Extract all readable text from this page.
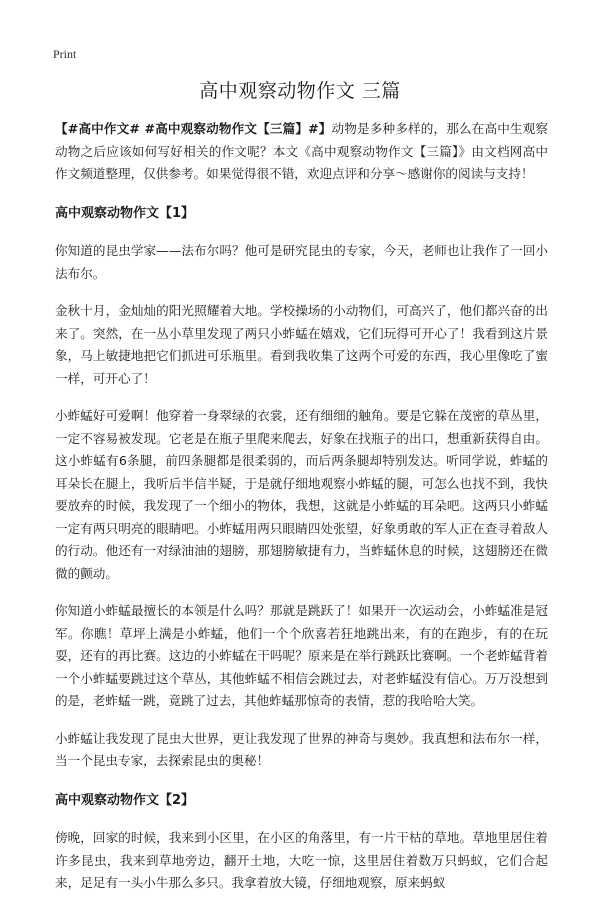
Print
高中观察动物作文 三篇

【#高中作文# #高中观察动物作文【三篇】#】动物是多种多样的，那么在高中生观察动物之后应该如何写好相关的作文呢？本文《高中观察动物作文【三篇】》由文档网高中作文频道整理，仅供参考。如果觉得很不错，欢迎点评和分享～感谢你的阅读与支持！

高中观察动物作文【1】

你知道的昆虫学家——法布尔吗？他可是研究昆虫的专家，今天，老师也让我作了一回小法布尔。

金秋十月，金灿灿的阳光照耀着大地。学校操场的小动物们，可高兴了，他们都兴奋的出来了。突然，在一丛小草里发现了两只小蚱蜢在嬉戏，它们玩得可开心了！我看到这片景象，马上敏捷地把它们抓进可乐瓶里。看到我收集了这两个可爱的东西，我心里像吃了蜜一样，可开心了！

小蚱蜢好可爱啊！他穿着一身翠绿的衣裳，还有细细的触角。要是它躲在茂密的草丛里，一定不容易被发现。它老是在瓶子里爬来爬去，好象在找瓶子的出口，想重新获得自由。这小蚱蜢有6条腿，前四条腿都是很柔弱的，而后两条腿却特别发达。听同学说，蚱蜢的耳朵长在腿上，我听后半信半疑，于是就仔细地观察小蚱蜢的腿，可怎么也找不到，我快要放弃的时候，我发现了一个细小的物体，我想，这就是小蚱蜢的耳朵吧。这两只小蚱蜢一定有两只明亮的眼睛吧。小蚱蜢用两只眼睛四处张望，好象勇敢的军人正在查寻着敌人的行动。他还有一对绿油油的翅膀，那翅膀敏捷有力，当蚱蜢休息的时候，这翅膀还在微微的颤动。

你知道小蚱蜢最擅长的本领是什么吗？那就是跳跃了！如果开一次运动会，小蚱蜢准是冠军。你瞧！草坪上满是小蚱蜢，他们一个个欣喜若狂地跳出来，有的在跑步，有的在玩耍，还有的再比赛。这边的小蚱蜢在干吗呢？原来是在举行跳跃比赛啊。一个老蚱蜢背着一个小蚱蜢要跳过这个草丛，其他蚱蜢不相信会跳过去，对老蚱蜢没有信心。万万没想到的是，老蚱蜢一跳，竟跳了过去，其他蚱蜢那惊奇的表情，惹的我哈哈大笑。

小蚱蜢让我发现了昆虫大世界，更让我发现了世界的神奇与奥妙。我真想和法布尔一样，当一个昆虫专家，去探索昆虫的奥秘！

高中观察动物作文【2】

傍晚，回家的时候，我来到小区里，在小区的角落里，有一片干枯的草地。草地里居住着许多昆虫，我来到草地旁边，翻开土地，大吃一惊，这里居住着数万只蚂蚁，它们合起来，足足有一头小牛那么多只。我拿着放大镜，仔细地观察，原来蚂蚁
